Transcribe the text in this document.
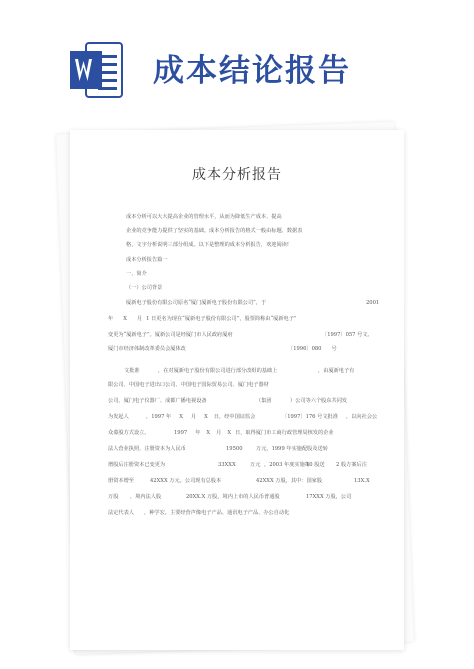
成本结论报告
成本分析报告
成本分析可以大大提高企业的管理水平，从而为降低生产成本、提高
企业的竞争能力提供了坚实的基础。成本分析报告的格式一般由标题、数据表
格、文字分析说明三部分组成。以下是整理的成本分析报告，欢迎阅读!
成本分析报告篇一
一、简介
（一）公司背景
厦新电子股份有限公司原名“厦门厦新电子股份有限公司”，于	2001
年 X 月 1 日更名为现在“厦新电子股份有限公司”，股票简称由“厦新电子”
变更为“厦新电子”。厦新公司是经厦门市人民政府厦府	〔1997〕057 号文、
厦门市经济体制改革委员会厦体改	〔1996〕080 号
文批准	，在对厦新电子股份有限公司进行部分改组的基础上	，由厦新电子有
限公司、中国电子进出口公司、中国电子国际贸易公司、厦门电子器材
公司、厦门电子仪器厂、成都广播电视设备	（集团	）公司等六个股东共同发
为发起人	，1997 年 X 月 X 日，经中国证监会	〔1997〕176 号文批准 ，以向社会公
众募股方式设立。	1997 年 X 月 X 日，取得厦门市工商行政管理局核发的企业
法人营业执照，注册资本为人民币	19500	万元，1999 年实施配股及送转
增股后注册资本已变更为	33XXX	万元 ，2003 年度实施每
10 股送 2 股方案后注
册资本增至	42XXX 万元。公司现有总股本	42XXX 万股，其中：国家股	13X.X
万股 ，境内法人股	20XX.X 万股，境内上市的人民币普通股	17XXX 万股，公司
法定代表人 ，种学宏。主要经营声像电子产品、通讯电子产品、办公自动化
